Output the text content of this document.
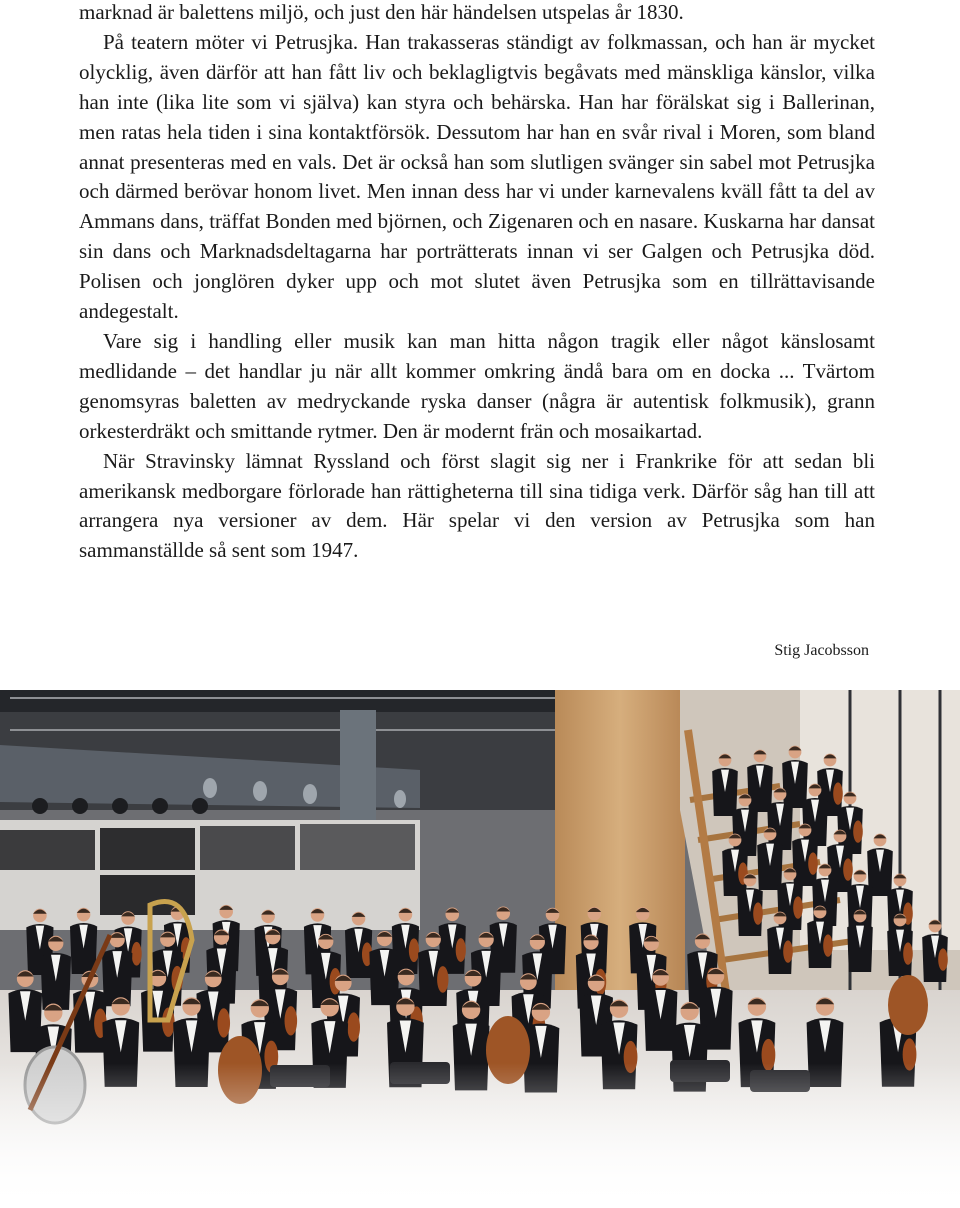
marknad är balettens miljö, och just den här händelsen utspelas år 1830.

På teatern möter vi Petrusjka. Han trakasseras ständigt av folkmassan, och han är mycket olycklig, även därför att han fått liv och beklagligtvis begåvats med mänskliga känslor, vilka han inte (lika lite som vi själva) kan styra och behärska. Han har förälskat sig i Ballerinan, men ratas hela tiden i sina kontaktförsök. Dessutom har han en svår rival i Moren, som bland annat presenteras med en vals. Det är också han som slutligen svänger sin sabel mot Petrusjka och därmed berövar honom livet. Men innan dess har vi under karnevalens kväll fått ta del av Ammans dans, träffat Bonden med björnen, och Zigenaren och en nasare. Kuskarna har dansat sin dans och Marknadsdeltagarna har porträtterats innan vi ser Galgen och Petrusjka död. Polisen och jonglören dyker upp och mot slutet även Petrusjka som en tillrättavisande andegestalt.

Vare sig i handling eller musik kan man hitta någon tragik eller något känslosamt medlidande – det handlar ju när allt kommer omkring ändå bara om en docka ... Tvärtom genomsyras baletten av medryckande ryska danser (några är autentisk folkmusik), grann orkesterdräkt och smittande rytmer. Den är modernt frän och mosaikartad.

När Stravinsky lämnat Ryssland och först slagit sig ner i Frankrike för att sedan bli amerikansk medborgare förlorade han rättigheterna till sina tidiga verk. Därför såg han till att arrangera nya versioner av dem. Här spelar vi den version av Petrusjka som han sammanställde så sent som 1947.

Stig Jacobsson
